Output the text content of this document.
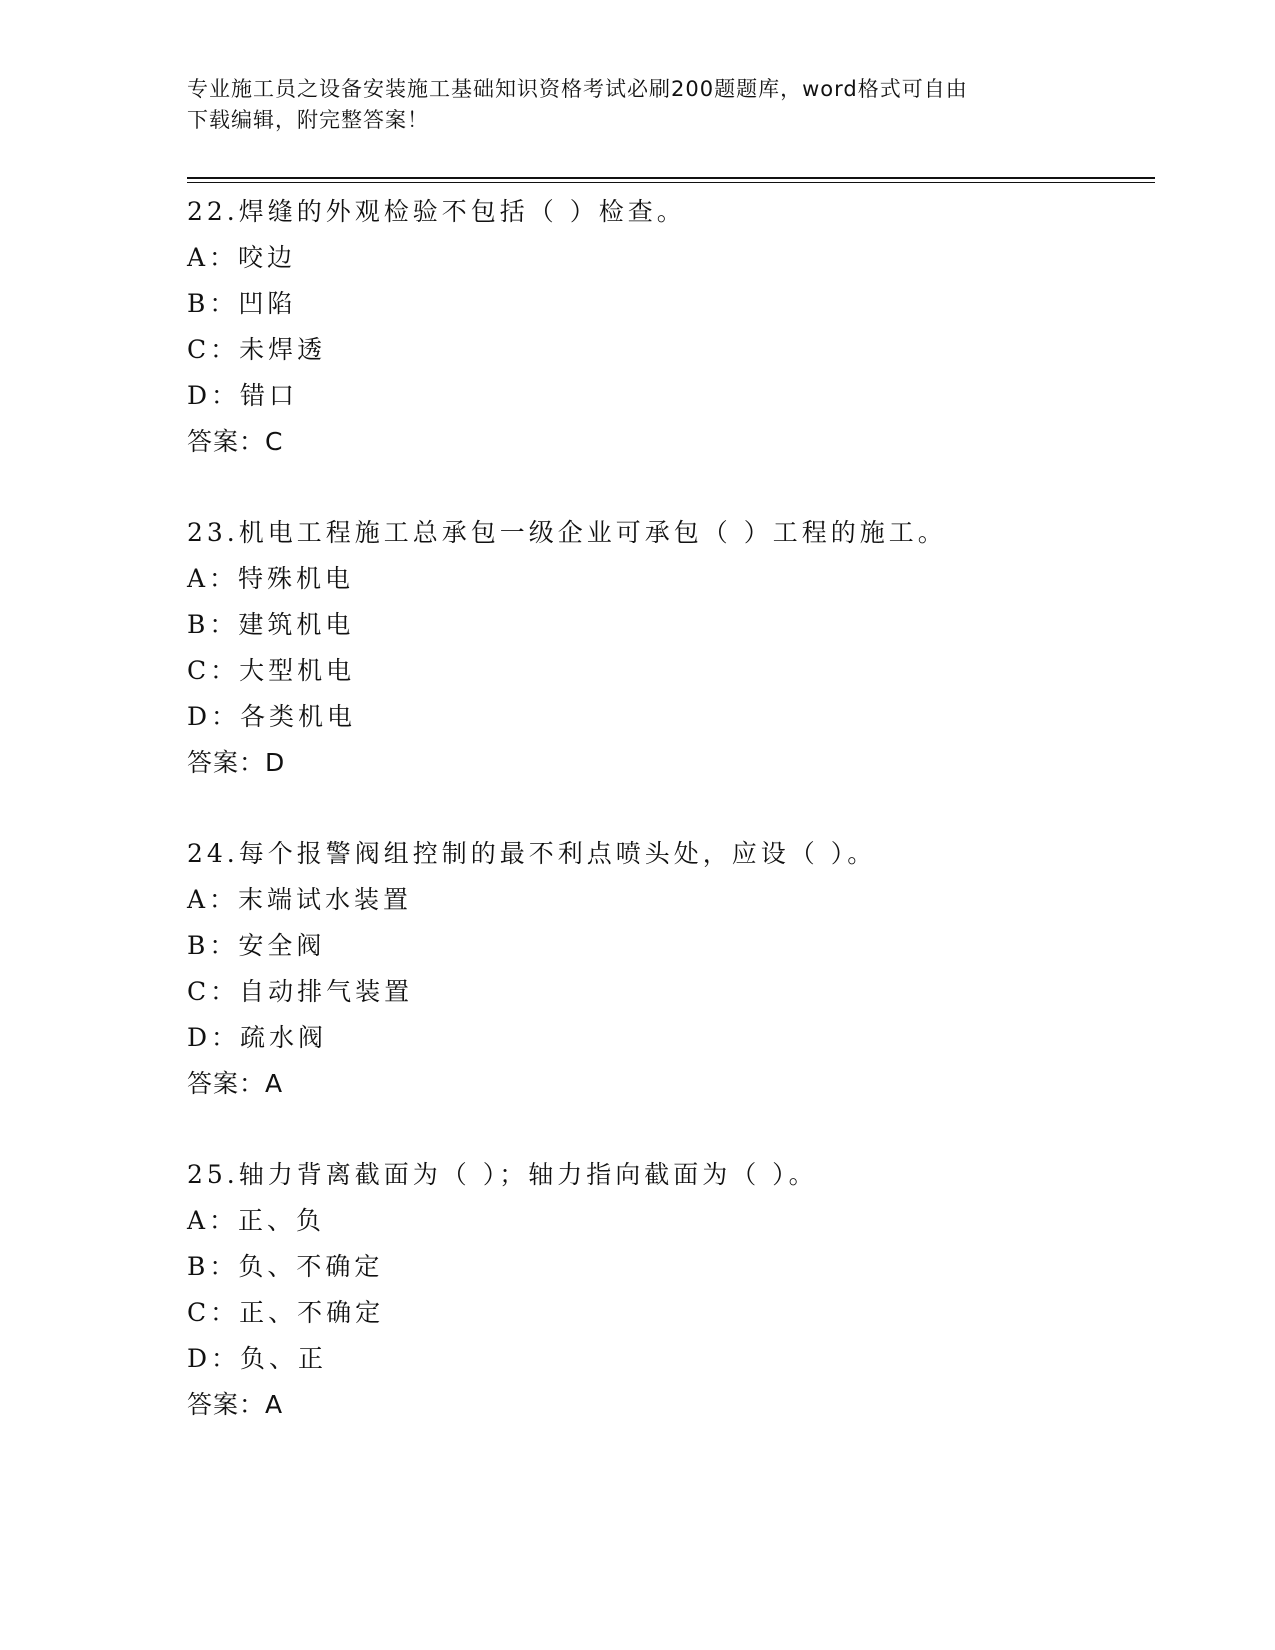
专业施工员之设备安装施工基础知识资格考试必刷200题题库，word格式可自由
下载编辑，附完整答案！
22.焊缝的外观检验不包括（ ）检查。
A：咬边
B：凹陷
C：未焊透
D：错口
答案：C
23.机电工程施工总承包一级企业可承包（ ）工程的施工。
A：特殊机电
B：建筑机电
C：大型机电
D：各类机电
答案：D
24.每个报警阀组控制的最不利点喷头处，应设（ ）。
A：末端试水装置
B：安全阀
C：自动排气装置
D：疏水阀
答案：A
25.轴力背离截面为（ ）；轴力指向截面为（ ）。
A：正、负
B：负、不确定
C：正、不确定
D：负、正
答案：A
